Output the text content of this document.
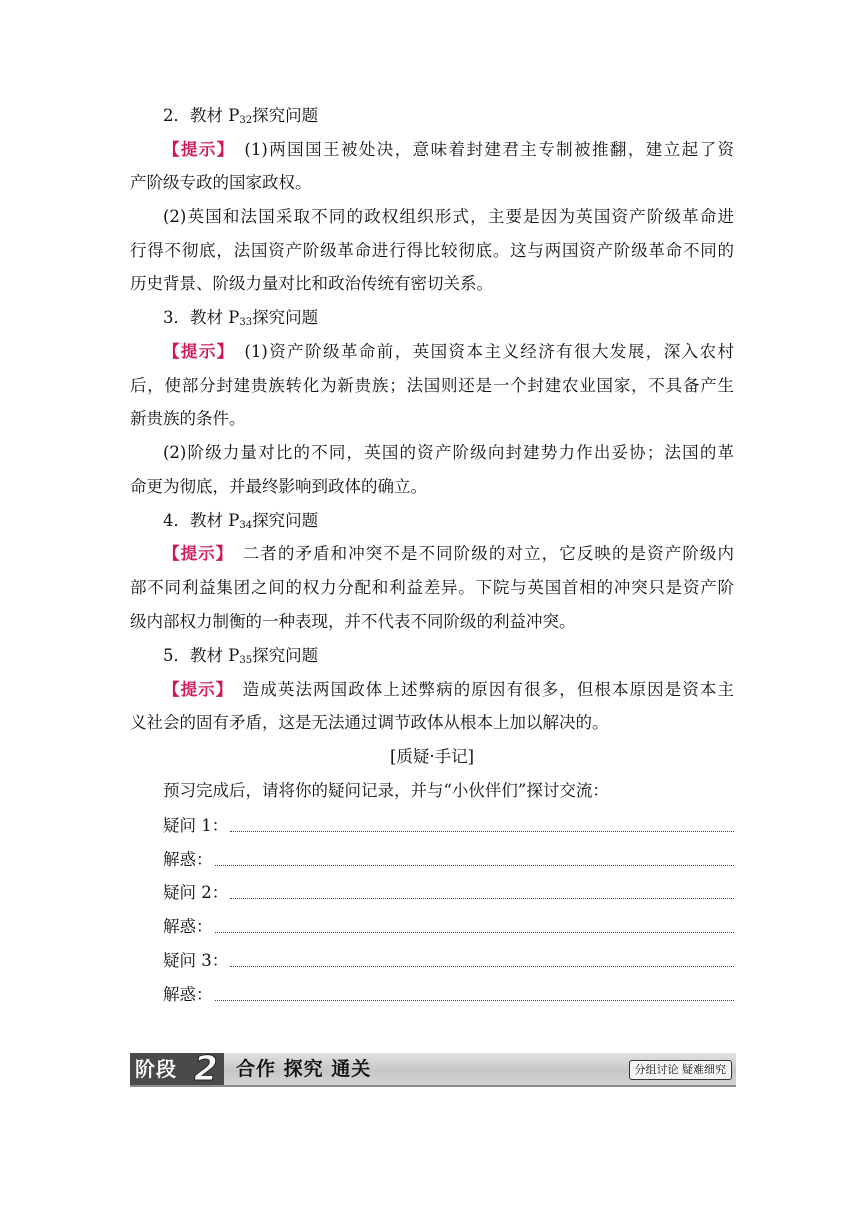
2．教材 $P_{32}$探究问题
【提示】　(1)两国国王被处决，意味着封建君主专制被推翻，建立起了资
产阶级专政的国家政权。
(2)英国和法国采取不同的政权组织形式，主要是因为英国资产阶级革命进
行得不彻底，法国资产阶级革命进行得比较彻底。这与两国资产阶级革命不同的
历史背景、阶级力量对比和政治传统有密切关系。
3．教材 $P_{33}$探究问题
【提示】　(1)资产阶级革命前，英国资本主义经济有很大发展，深入农村
后，使部分封建贵族转化为新贵族；法国则还是一个封建农业国家，不具备产生
新贵族的条件。
(2)阶级力量对比的不同，英国的资产阶级向封建势力作出妥协；法国的革
命更为彻底，并最终影响到政体的确立。
4．教材 $P_{34}$探究问题
【提示】　二者的矛盾和冲突不是不同阶级的对立，它反映的是资产阶级内
部不同利益集团之间的权力分配和利益差异。下院与英国首相的冲突只是资产阶
级内部权力制衡的一种表现，并不代表不同阶级的利益冲突。
5．教材 $P_{35}$探究问题
【提示】　造成英法两国政体上述弊病的原因有很多，但根本原因是资本主
义社会的固有矛盾，这是无法通过调节政体从根本上加以解决的。
[质疑·手记]
预习完成后，请将你的疑问记录，并与“小伙伴们”探讨交流：
疑问 1：
解惑：
疑问 2：
解惑：
疑问 3：
解惑：
阶段 2 合作 探究 通关	分组讨论 疑难细究
